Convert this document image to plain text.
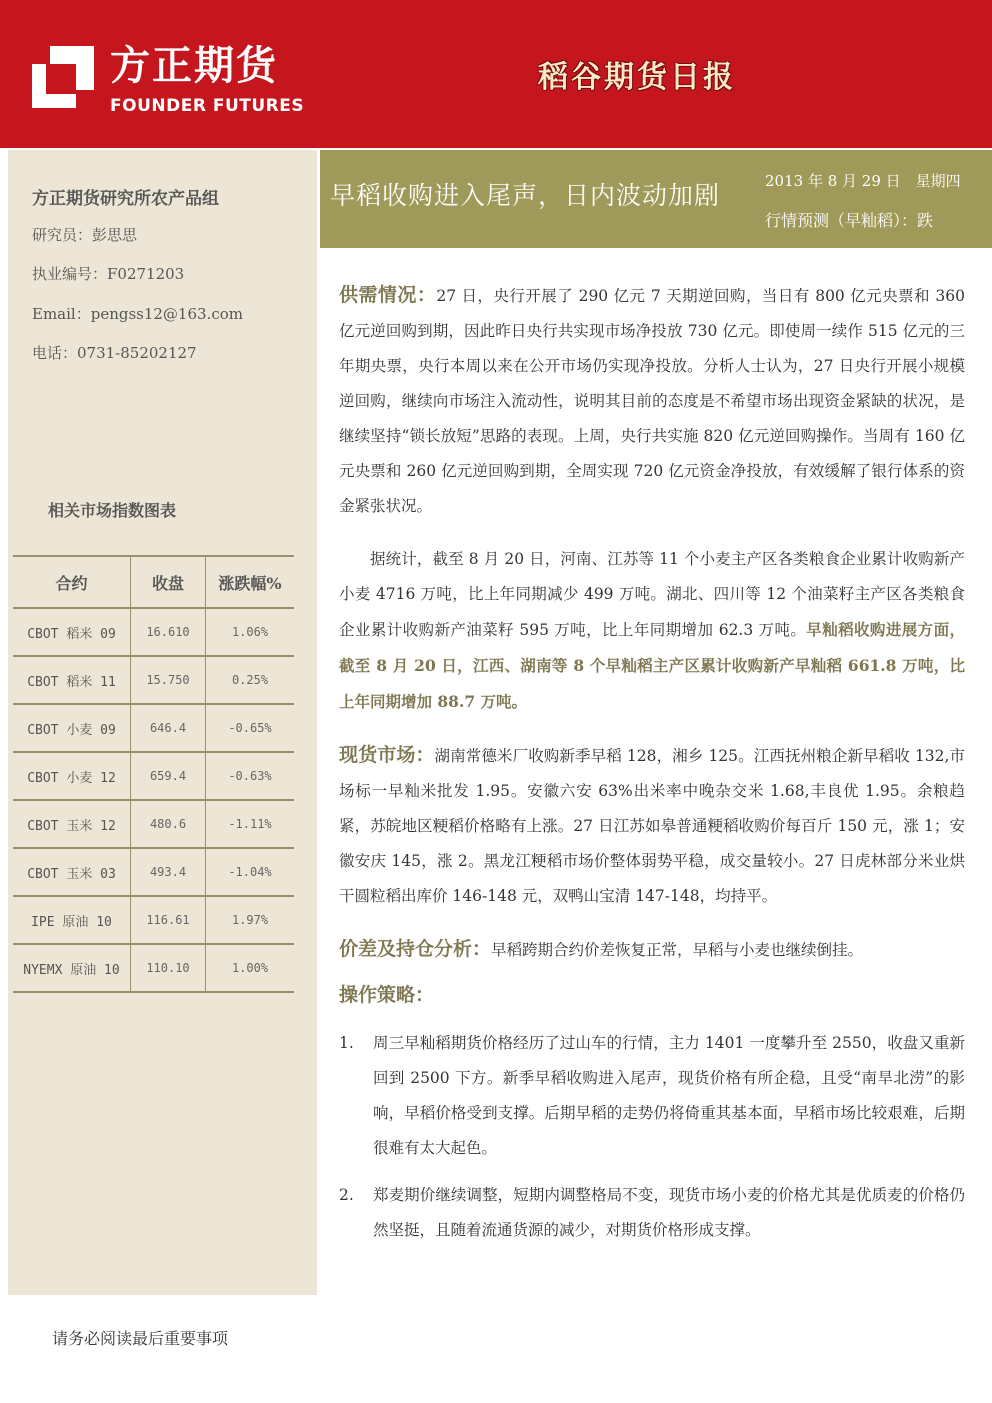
方正期货
FOUNDER FUTURES
稻谷期货日报
方正期货研究所农产品组
研究员：彭思思
执业编号：F0271203
Email：pengss12@163.com
电话：0731-85202127
相关市场指数图表
合约	收盘	涨跌幅%
CBOT 稻米 09	16.610	1.06%
CBOT 稻米 11	15.750	0.25%
CBOT 小麦 09	646.4	-0.65%
CBOT 小麦 12	659.4	-0.63%
CBOT 玉米 12	480.6	-1.11%
CBOT 玉米 03	493.4	-1.04%
IPE 原油 10	116.61	1.97%
NYEMX 原油 10	110.10	1.00%
早稻收购进入尾声，日内波动加剧	2013 年 8 月 29 日　星期四
行情预测（早籼稻）：跌

供需情况：27 日，央行开展了 290 亿元 7 天期逆回购，当日有 800 亿元央票和 360 亿元逆回购到期，因此昨日央行共实现市场净投放 730 亿元。即使周一续作 515 亿元的三年期央票，央行本周以来在公开市场仍实现净投放。分析人士认为，27 日央行开展小规模逆回购，继续向市场注入流动性，说明其目前的态度是不希望市场出现资金紧缺的状况，是继续坚持“锁长放短”思路的表现。上周，央行共实施 820 亿元逆回购操作。当周有 160 亿元央票和 260 亿元逆回购到期，全周实现 720 亿元资金净投放，有效缓解了银行体系的资金紧张状况。

据统计，截至 8 月 20 日，河南、江苏等 11 个小麦主产区各类粮食企业累计收购新产小麦 4716 万吨，比上年同期减少 499 万吨。湖北、四川等 12 个油菜籽主产区各类粮食企业累计收购新产油菜籽 595 万吨，比上年同期增加 62.3 万吨。早籼稻收购进展方面，截至 8 月 20 日，江西、湖南等 8 个早籼稻主产区累计收购新产早籼稻 661.8 万吨，比上年同期增加 88.7 万吨。

现货市场：湖南常德米厂收购新季早稻 128，湘乡 125。江西抚州粮企新早稻收 132,市场标一早籼米批发 1.95。安徽六安 63%出米率中晚杂交米 1.68,丰良优 1.95。余粮趋紧，苏皖地区粳稻价格略有上涨。27 日江苏如皋普通粳稻收购价每百斤 150 元，涨 1；安徽安庆 145，涨 2。黑龙江粳稻市场价整体弱势平稳，成交量较小。27 日虎林部分米业烘干圆粒稻出库价 146-148 元，双鸭山宝清 147-148，均持平。

价差及持仓分析：早稻跨期合约价差恢复正常，早稻与小麦也继续倒挂。

操作策略：

1.	周三早籼稻期货价格经历了过山车的行情，主力 1401 一度攀升至 2550，收盘又重新回到 2500 下方。新季早稻收购进入尾声，现货价格有所企稳，且受“南旱北涝”的影响，早稻价格受到支撑。后期早稻的走势仍将倚重其基本面，早稻市场比较艰难，后期很难有太大起色。
2.	郑麦期价继续调整，短期内调整格局不变，现货市场小麦的价格尤其是优质麦的价格仍然坚挺，且随着流通货源的减少，对期货价格形成支撑。
请务必阅读最后重要事项
